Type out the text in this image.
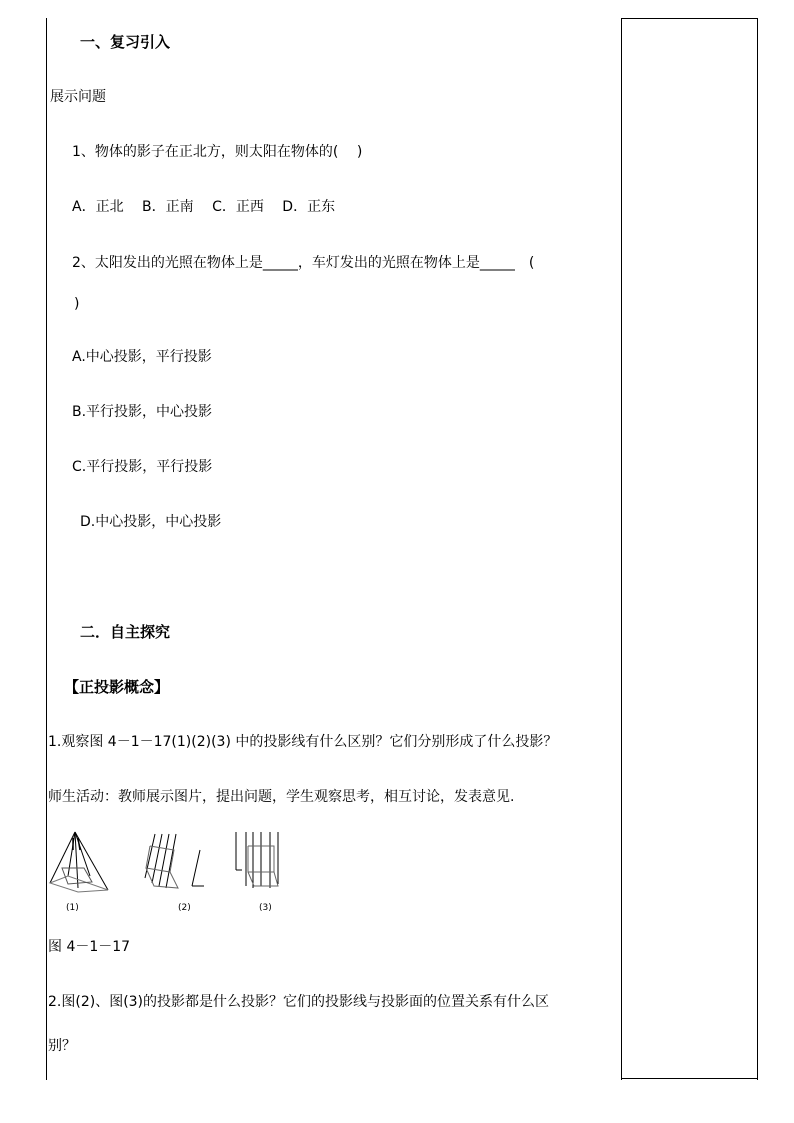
一、复习引入
展示问题
1、物体的影子在正北方，则太阳在物体的(　 )
A．正北　 B．正南　 C．正西　 D．正东
2、太阳发出的光照在物体上是_____，车灯发出的光照在物体上是_____　(
)
A.中心投影，平行投影
B.平行投影，中心投影
C.平行投影，平行投影
D.中心投影，中心投影
二．自主探究
【正投影概念】
1.观察图 4－1－17(1)(2)(3) 中的投影线有什么区别？它们分别形成了什么投影？
师生活动：教师展示图片，提出问题，学生观察思考，相互讨论，发表意见.
(1)	(2)	(3)
图 4－1－17
2.图(2)、图(3)的投影都是什么投影？它们的投影线与投影面的位置关系有什么区
别？
